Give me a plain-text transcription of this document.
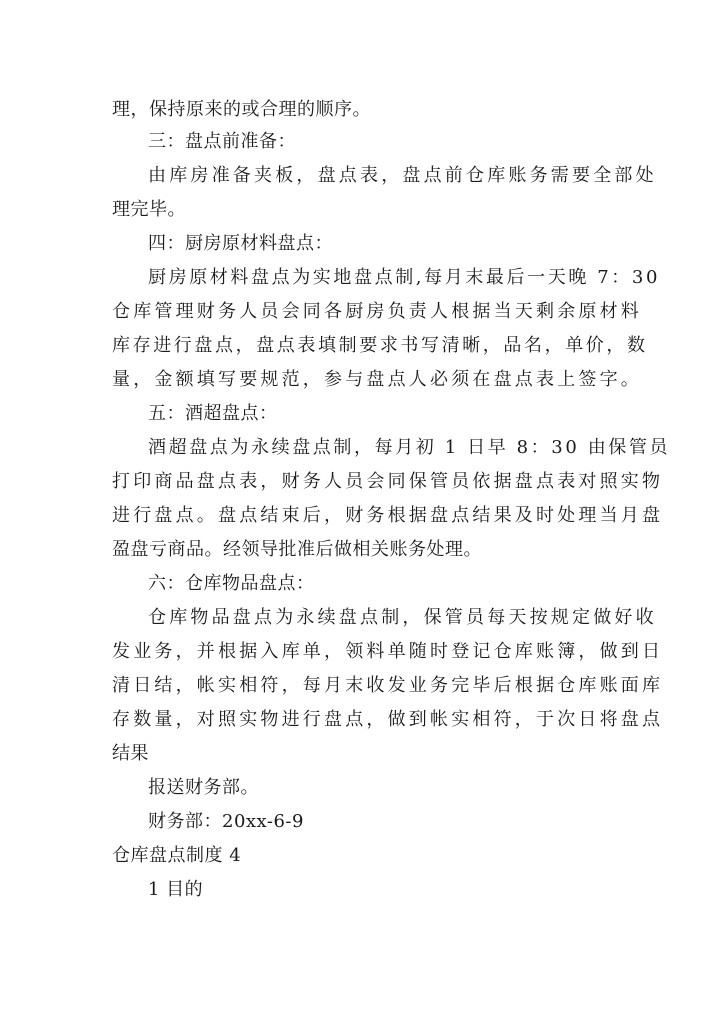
理，保持原来的或合理的顺序。
三：盘点前准备：
由库房准备夹板，盘点表，盘点前仓库账务需要全部处
理完毕。
四：厨房原材料盘点：
厨房原材料盘点为实地盘点制,每月末最后一天晚 7：30
仓库管理财务人员会同各厨房负责人根据当天剩余原材料
库存进行盘点，盘点表填制要求书写清晰，品名，单价，数
量，金额填写要规范，参与盘点人必须在盘点表上签字。
五：酒超盘点：
酒超盘点为永续盘点制，每月初 1 日早 8：30 由保管员
打印商品盘点表，财务人员会同保管员依据盘点表对照实物
进行盘点。盘点结束后，财务根据盘点结果及时处理当月盘
盈盘亏商品。经领导批准后做相关账务处理。
六：仓库物品盘点：
仓库物品盘点为永续盘点制，保管员每天按规定做好收
发业务，并根据入库单，领料单随时登记仓库账簿，做到日
清日结，帐实相符，每月末收发业务完毕后根据仓库账面库
存数量，对照实物进行盘点，做到帐实相符，于次日将盘点
结果
报送财务部。
财务部：20xx-6-9
仓库盘点制度 4
1 目的
